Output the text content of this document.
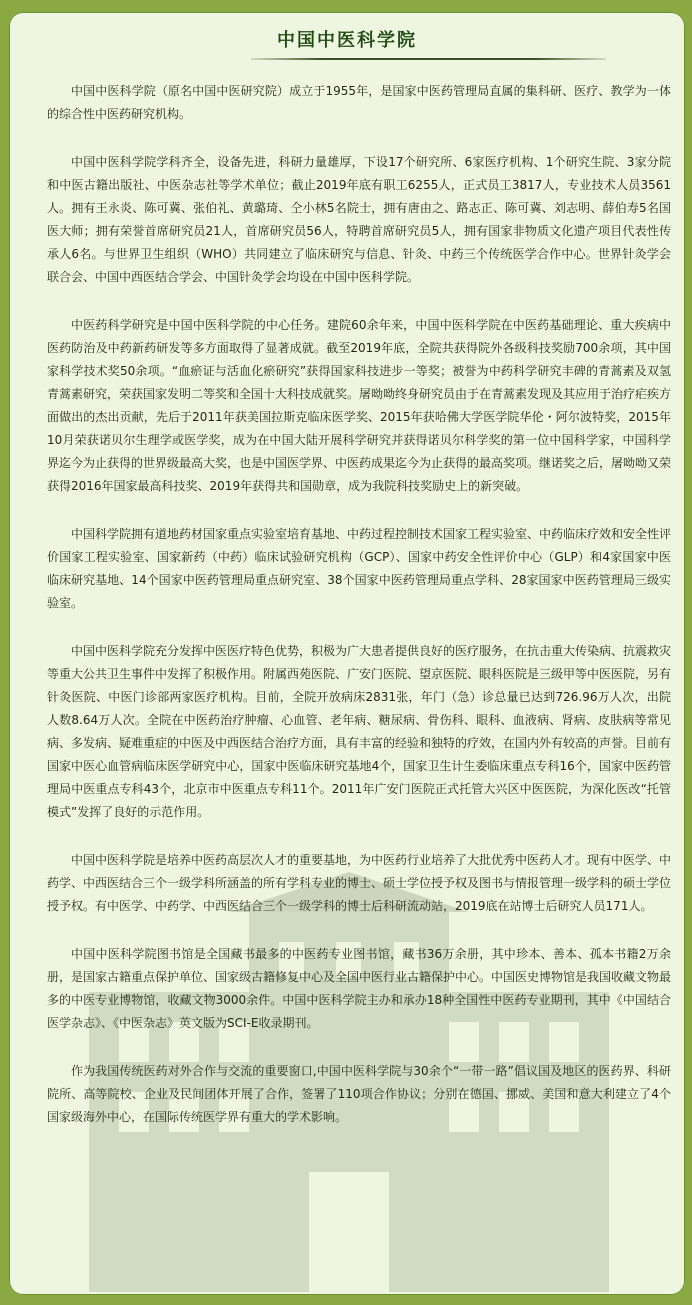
中国中医科学院

中国中医科学院（原名中国中医研究院）成立于1955年，是国家中医药管理局直属的集科研、医疗、教学为一体的综合性中医药研究机构。

中国中医科学院学科齐全，设备先进，科研力量雄厚，下设17个研究所、6家医疗机构、1个研究生院、3家分院和中医古籍出版社、中医杂志社等学术单位；截止2019年底有职工6255人，正式员工3817人，专业技术人员3561人。拥有王永炎、陈可冀、张伯礼、黄璐琦、仝小林5名院士，拥有唐由之、路志正、陈可冀、刘志明、薛伯寿5名国医大师；拥有荣誉首席研究员21人，首席研究员56人，特聘首席研究员5人，拥有国家非物质文化遗产项目代表性传承人6名。与世界卫生组织（WHO）共同建立了临床研究与信息、针灸、中药三个传统医学合作中心。世界针灸学会联合会、中国中西医结合学会、中国针灸学会均设在中国中医科学院。

中医药科学研究是中国中医科学院的中心任务。建院60余年来，中国中医科学院在中医药基础理论、重大疾病中医药防治及中药新药研发等多方面取得了显著成就。截至2019年底，全院共获得院外各级科技奖励700余项，其中国家科学技术奖50余项。“血瘀证与活血化瘀研究”获得国家科技进步一等奖；被誉为中药科学研究丰碑的青蒿素及双氢青蒿素研究，荣获国家发明二等奖和全国十大科技成就奖。屠呦呦终身研究员由于在青蒿素发现及其应用于治疗疟疾方面做出的杰出贡献，先后于2011年获美国拉斯克临床医学奖、2015年获哈佛大学医学院华伦・阿尔波特奖，2015年10月荣获诺贝尔生理学或医学奖，成为在中国大陆开展科学研究并获得诺贝尔科学奖的第一位中国科学家，中国科学界迄今为止获得的世界级最高大奖，也是中国医学界、中医药成果迄今为止获得的最高奖项。继诺奖之后，屠呦呦又荣获得2016年国家最高科技奖、2019年获得共和国勋章，成为我院科技奖励史上的新突破。

中国科学院拥有道地药材国家重点实验室培育基地、中药过程控制技术国家工程实验室、中药临床疗效和安全性评价国家工程实验室、国家新药（中药）临床试验研究机构（GCP）、国家中药安全性评价中心（GLP）和4家国家中医临床研究基地、14个国家中医药管理局重点研究室、38个国家中医药管理局重点学科、28家国家中医药管理局三级实验室。

中国中医科学院充分发挥中医医疗特色优势，积极为广大患者提供良好的医疗服务，在抗击重大传染病、抗震救灾等重大公共卫生事件中发挥了积极作用。附属西苑医院、广安门医院、望京医院、眼科医院是三级甲等中医医院，另有针灸医院、中医门诊部两家医疗机构。目前，全院开放病床2831张，年门（急）诊总量已达到726.96万人次，出院人数8.64万人次。全院在中医药治疗肿瘤、心血管、老年病、糖尿病、骨伤科、眼科、血液病、肾病、皮肤病等常见病、多发病、疑难重症的中医及中西医结合治疗方面，具有丰富的经验和独特的疗效，在国内外有较高的声誉。目前有国家中医心血管病临床医学研究中心，国家中医临床研究基地4个，国家卫生计生委临床重点专科16个，国家中医药管理局中医重点专科43个，北京市中医重点专科11个。2011年广安门医院正式托管大兴区中医医院，为深化医改“托管模式”发挥了良好的示范作用。

中国中医科学院是培养中医药高层次人才的重要基地，为中医药行业培养了大批优秀中医药人才。现有中医学、中药学、中西医结合三个一级学科所涵盖的所有学科专业的博士、硕士学位授予权及图书与情报管理一级学科的硕士学位授予权。有中医学、中药学、中西医结合三个一级学科的博士后科研流动站，2019底在站博士后研究人员171人。

中国中医科学院图书馆是全国藏书最多的中医药专业图书馆，藏书36万余册，其中珍本、善本、孤本书籍2万余册，是国家古籍重点保护单位、国家级古籍修复中心及全国中医行业古籍保护中心。中国医史博物馆是我国收藏文物最多的中医专业博物馆，收藏文物3000余件。中国中医科学院主办和承办18种全国性中医药专业期刊，其中《中国结合医学杂志》、《中医杂志》英文版为SCI-E收录期刊。

作为我国传统医药对外合作与交流的重要窗口,中国中医科学院与30余个“一带一路”倡议国及地区的医药界、科研院所、高等院校、企业及民间团体开展了合作，签署了110项合作协议；分别在德国、挪威、美国和意大利建立了4个国家级海外中心，在国际传统医学界有重大的学术影响。
